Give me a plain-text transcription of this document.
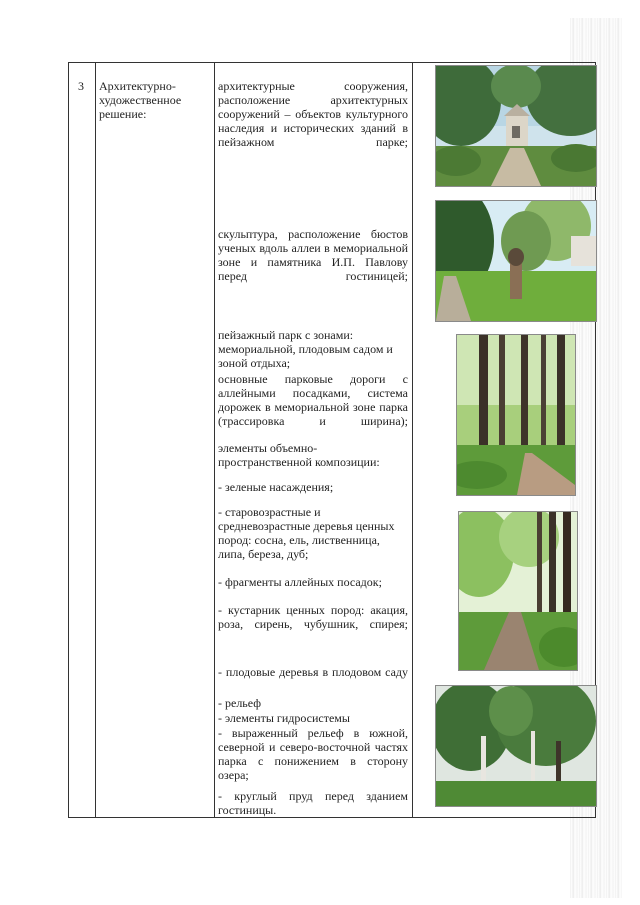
3 Архитектурно-художественное решение:
архитектурные сооружения, расположение архитектурных сооружений – объектов культурного наследия и исторических зданий в пейзажном парке;
скульптура, расположение бюстов ученых вдоль аллеи в мемориальной зоне и памятника И.П. Павлову перед гостиницей;
пейзажный парк с зонами: мемориальной, плодовым садом и зоной отдыха;
основные парковые дороги с аллейными посадками, система дорожек в мемориальной зоне парка (трассировка и ширина);
элементы объемно-пространственной композиции:
- зеленые насаждения;
- старовозрастные и средневозрастные деревья ценных пород: сосна, ель, лиственница, липа, береза, дуб;
- фрагменты аллейных посадок;
- кустарник ценных пород: акация, роза, сирень, чубушник, спирея;
- плодовые деревья в плодовом саду
- рельеф
- элементы гидросистемы
- выраженный рельеф в южной, северной и северо-восточной частях парка с понижением в сторону озера;
- круглый пруд перед зданием гостиницы.
